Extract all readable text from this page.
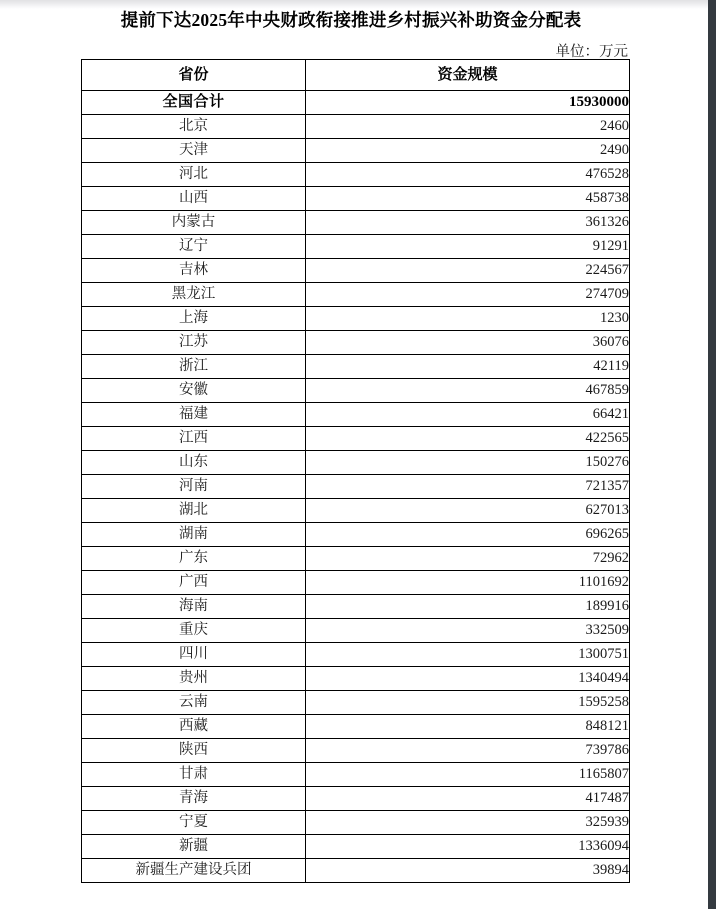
提前下达2025年中央财政衔接推进乡村振兴补助资金分配表
单位：万元
省份	资金规模
全国合计	15930000
北京	2460
天津	2490
河北	476528
山西	458738
内蒙古	361326
辽宁	91291
吉林	224567
黑龙江	274709
上海	1230
江苏	36076
浙江	42119
安徽	467859
福建	66421
江西	422565
山东	150276
河南	721357
湖北	627013
湖南	696265
广东	72962
广西	1101692
海南	189916
重庆	332509
四川	1300751
贵州	1340494
云南	1595258
西藏	848121
陕西	739786
甘肃	1165807
青海	417487
宁夏	325939
新疆	1336094
新疆生产建设兵团	39894
